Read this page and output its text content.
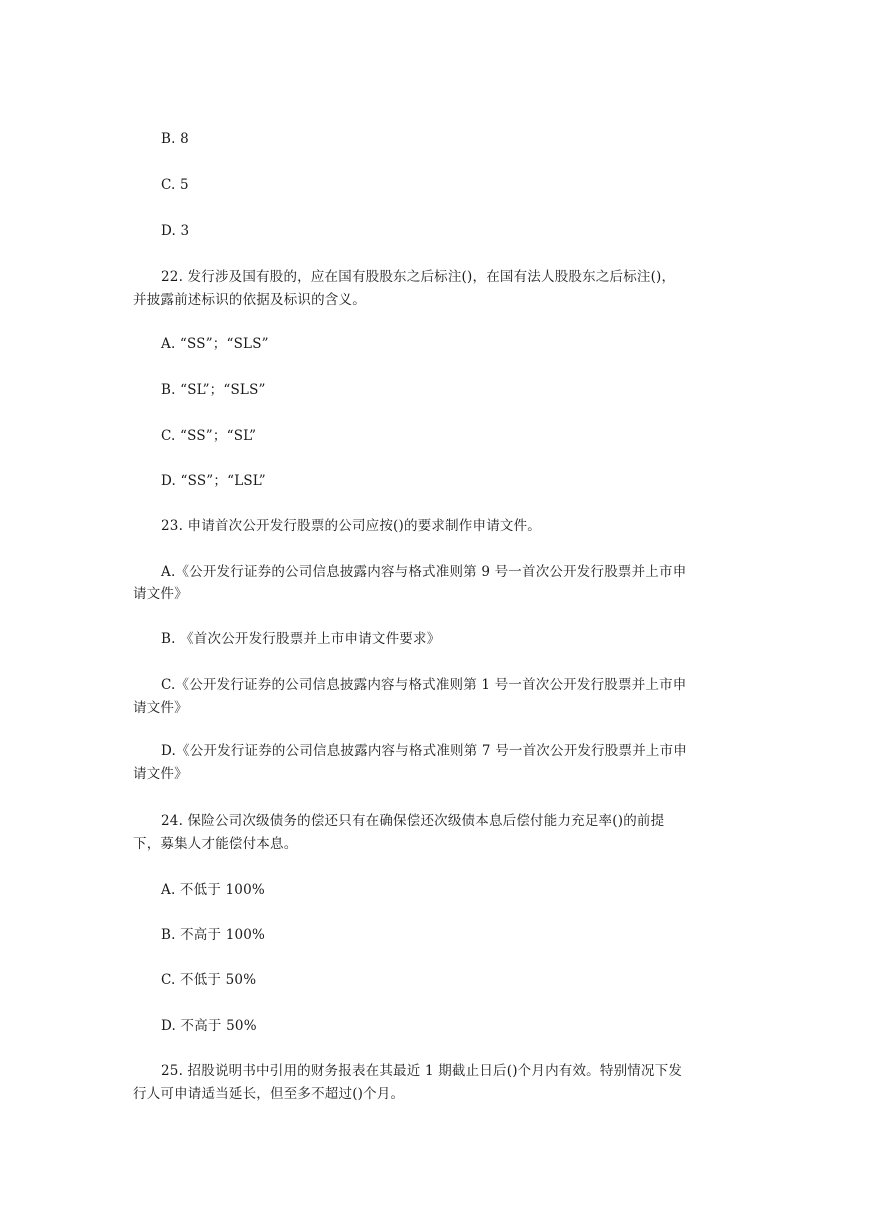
B. 8
C. 5
D. 3
22. 发行涉及国有股的，应在国有股股东之后标注()，在国有法人股股东之后标注()，
并披露前述标识的依据及标识的含义。
A. “SS”；“SLS”
B. “SL”；“SLS”
C. “SS”；“SL”
D. “SS”；“LSL”
23. 申请首次公开发行股票的公司应按()的要求制作申请文件。
A.《公开发行证券的公司信息披露内容与格式准则第 9 号一首次公开发行股票并上市申
请文件》
B. 《首次公开发行股票并上市申请文件要求》
C.《公开发行证券的公司信息披露内容与格式准则第 1 号一首次公开发行股票并上市申
请文件》
D.《公开发行证券的公司信息披露内容与格式准则第 7 号一首次公开发行股票并上市申
请文件》
24. 保险公司次级债务的偿还只有在确保偿还次级债本息后偿付能力充足率()的前提
下，募集人才能偿付本息。
A. 不低于 100%
B. 不高于 100%
C. 不低于 50%
D. 不高于 50%
25. 招股说明书中引用的财务报表在其最近 1 期截止日后()个月内有效。特别情况下发
行人可申请适当延长，但至多不超过()个月。
